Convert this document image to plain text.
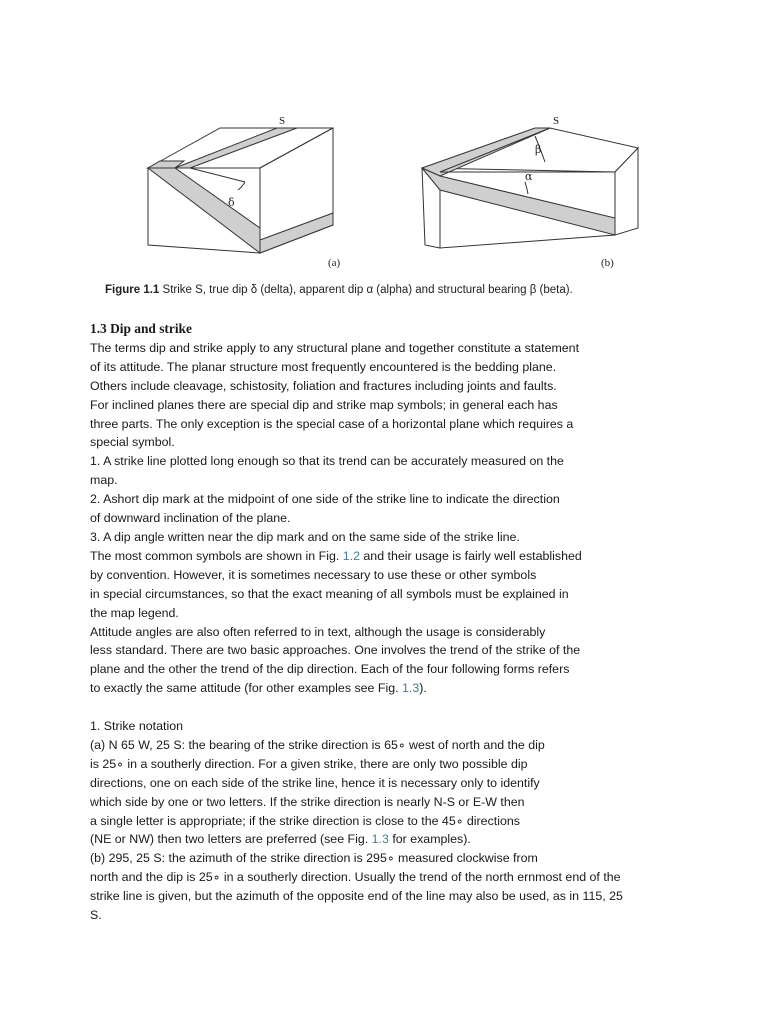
S
δ
(a)
S
β
α
(b)
Figure 1.1 Strike S, true dip δ (delta), apparent dip α (alpha) and structural bearing β (beta).
1.3 Dip and strike

The terms dip and strike apply to any structural plane and together constitute a statement

of its attitude. The planar structure most frequently encountered is the bedding plane.

Others include cleavage, schistosity, foliation and fractures including joints and faults.

For inclined planes there are special dip and strike map symbols; in general each has

three parts. The only exception is the special case of a horizontal plane which requires a

special symbol.

1. A strike line plotted long enough so that its trend can be accurately measured on the

map.

2. Ashort dip mark at the midpoint of one side of the strike line to indicate the direction

of downward inclination of the plane.

3. A dip angle written near the dip mark and on the same side of the strike line.

The most common symbols are shown in Fig. 1.2 and their usage is fairly well established

by convention. However, it is sometimes necessary to use these or other symbols

in special circumstances, so that the exact meaning of all symbols must be explained in

the map legend.

Attitude angles are also often referred to in text, although the usage is considerably

less standard. There are two basic approaches. One involves the trend of the strike of the

plane and the other the trend of the dip direction. Each of the four following forms refers

to exactly the same attitude (for other examples see Fig. 1.3).

1. Strike notation

(a) N 65 W, 25 S: the bearing of the strike direction is 65∘ west of north and the dip

is 25∘ in a southerly direction. For a given strike, there are only two possible dip

directions, one on each side of the strike line, hence it is necessary only to identify

which side by one or two letters. If the strike direction is nearly N-S or E-W then

a single letter is appropriate; if the strike direction is close to the 45∘ directions

(NE or NW) then two letters are preferred (see Fig. 1.3 for examples).

(b) 295, 25 S: the azimuth of the strike direction is 295∘ measured clockwise from

north and the dip is 25∘ in a southerly direction. Usually the trend of the north ernmost end of the

strike line is given, but the azimuth of the opposite end of the line may also be used, as in 115, 25

S.
